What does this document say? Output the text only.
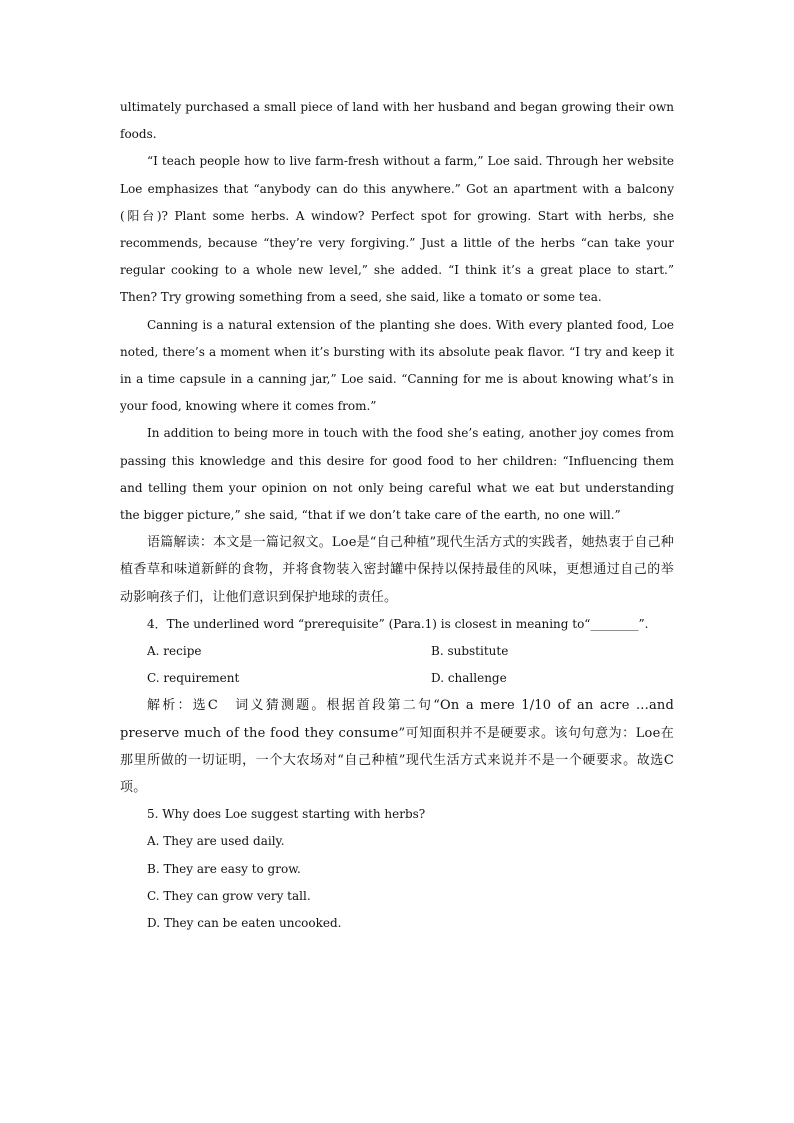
ultimately purchased a small piece of land with her husband and began growing their own foods.

“I teach people how to live farm-fresh without a farm,” Loe said. Through her website Loe emphasizes that “anybody can do this anywhere.” Got an apartment with a balcony (阳台)? Plant some herbs. A window? Perfect spot for growing. Start with herbs, she recommends, because “they’re very forgiving.” Just a little of the herbs “can take your regular cooking to a whole new level,” she added. “I think it’s a great place to start.” Then? Try growing something from a seed, she said, like a tomato or some tea.

Canning is a natural extension of the planting she does. With every planted food, Loe noted, there’s a moment when it’s bursting with its absolute peak flavor. “I try and keep it in a time capsule in a canning jar,” Loe said. “Canning for me is about knowing what’s in your food, knowing where it comes from.”

In addition to being more in touch with the food she’s eating, another joy comes from passing this knowledge and this desire for good food to her children: “Influencing them and telling them your opinion on not only being careful what we eat but understanding the bigger picture,” she said, “that if we don’t take care of the earth, no one will.”

语篇解读：本文是一篇记叙文。Loe是“自己种植”现代生活方式的实践者，她热衷于自己种植香草和味道新鲜的食物，并将食物装入密封罐中保持以保持最佳的风味，更想通过自己的举动影响孩子们，让他们意识到保护地球的责任。

4．The underlined word “prerequisite” (Para.1) is closest in meaning to“________”.

A. recipe	B. substitute
C. requirement	D. challenge

解析：选C　词义猜测题。根据首段第二句“On a mere 1/10 of an acre ...and preserve much of the food they consume”可知面积并不是硬要求。该句句意为：Loe在那里所做的一切证明，一个大农场对“自己种植”现代生活方式来说并不是一个硬要求。故选C项。

5. Why does Loe suggest starting with herbs?

A. They are used daily.

B. They are easy to grow.

C. They can grow very tall.

D. They can be eaten uncooked.
